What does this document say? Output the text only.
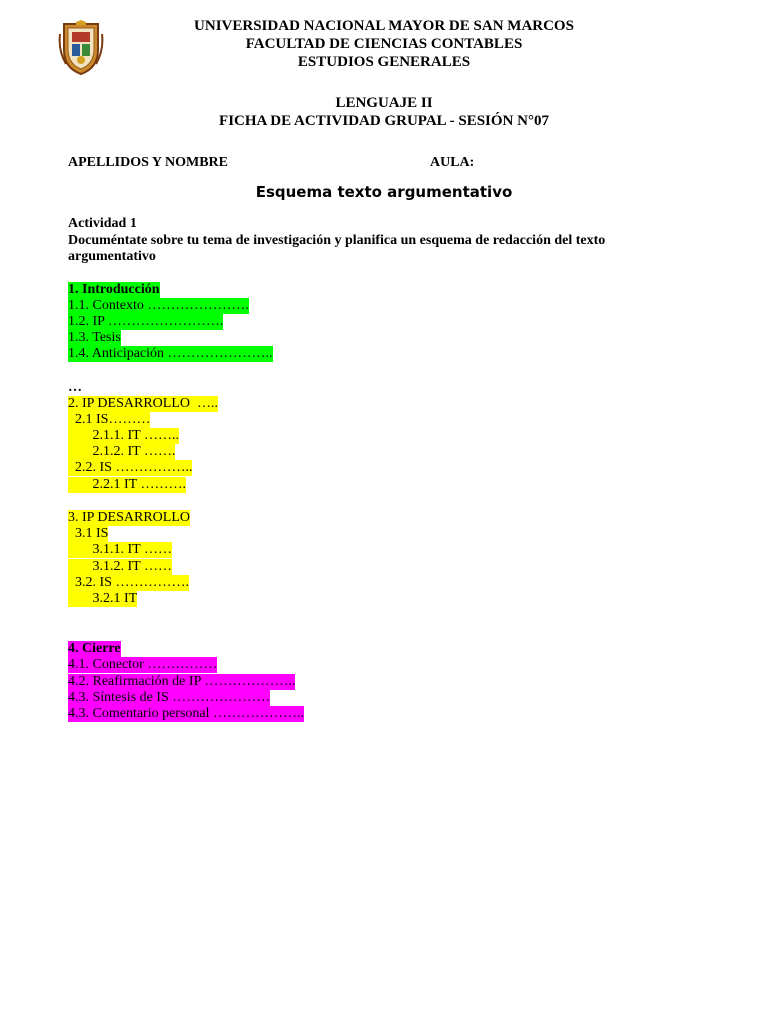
UNIVERSIDAD NACIONAL MAYOR DE SAN MARCOS
FACULTAD DE CIENCIAS CONTABLES
ESTUDIOS GENERALES
LENGUAJE II
FICHA DE ACTIVIDAD GRUPAL - SESIÓN N°07
APELLIDOS Y NOMBRE	AULA:
Esquema texto argumentativo
Actividad 1
Documéntate sobre tu tema de investigación y planifica un esquema de redacción del texto
argumentativo
1. Introducción
1.1. Contexto ………………….
1.2. IP …………………….
1.3. Tesis
1.4. Anticipación …………………..
…
2. IP DESARROLLO  …..
2.1 IS………
2.1.1. IT ……..
2.1.2. IT …….
2.2. IS ……………..
2.2.1 IT ……….
3. IP DESARROLLO
3.1 IS
3.1.1. IT ……
3.1.2. IT ……
3.2. IS …………….
3.2.1 IT
4. Cierre
4.1. Conector ……………
4.2. Reafirmación de IP ………………..
4.3. Síntesis de IS …………………
4.3. Comentario personal ………………..
